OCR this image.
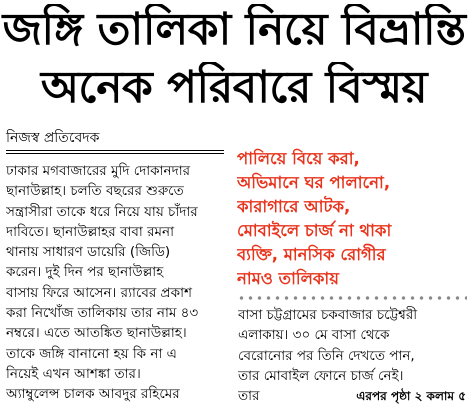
জঙ্গি তালিকা নিয়ে বিভ্রান্তি
অনেক পরিবারে বিস্ময়
নিজস্ব প্রতিবেদক
ঢাকার মগবাজারের মুদি দোকানদার
ছানাউল্লাহ। চলতি বছরের শুরুতে
সন্ত্রাসীরা তাকে ধরে নিয়ে যায় চাঁদার
দাবিতে। ছানাউল্লাহর বাবা রমনা
থানায় সাধারণ ডায়েরি (জিডি)
করেন। দুই দিন পর ছানাউল্লাহ
বাসায় ফিরে আসেন। র‍্যাবের প্রকাশ
করা নিখোঁজ তালিকায় তার নাম ৪৩
নম্বরে। এতে আতঙ্কিত ছানাউল্লাহ।
তাকে জঙ্গি বানানো হয় কি না এ
নিয়েই এখন আশঙ্কা তার।
অ্যাম্বুলেন্স চালক আবদুর রহিমের
পালিয়ে বিয়ে করা,
অভিমানে ঘর পালানো,
কারাগারে আটক,
মোবাইলে চার্জ না থাকা
ব্যক্তি, মানসিক রোগীর
নামও তালিকায়
বাসা চট্টগ্রামের চকবাজার চট্টেশ্বরী
এলাকায়। ৩০ মে বাসা থেকে
বেরোনোর পর তিনি দেখতে পান,
তার মোবাইল ফোনে চার্জ নেই।
তার	এরপর পৃষ্ঠা ২ কলাম ৫
